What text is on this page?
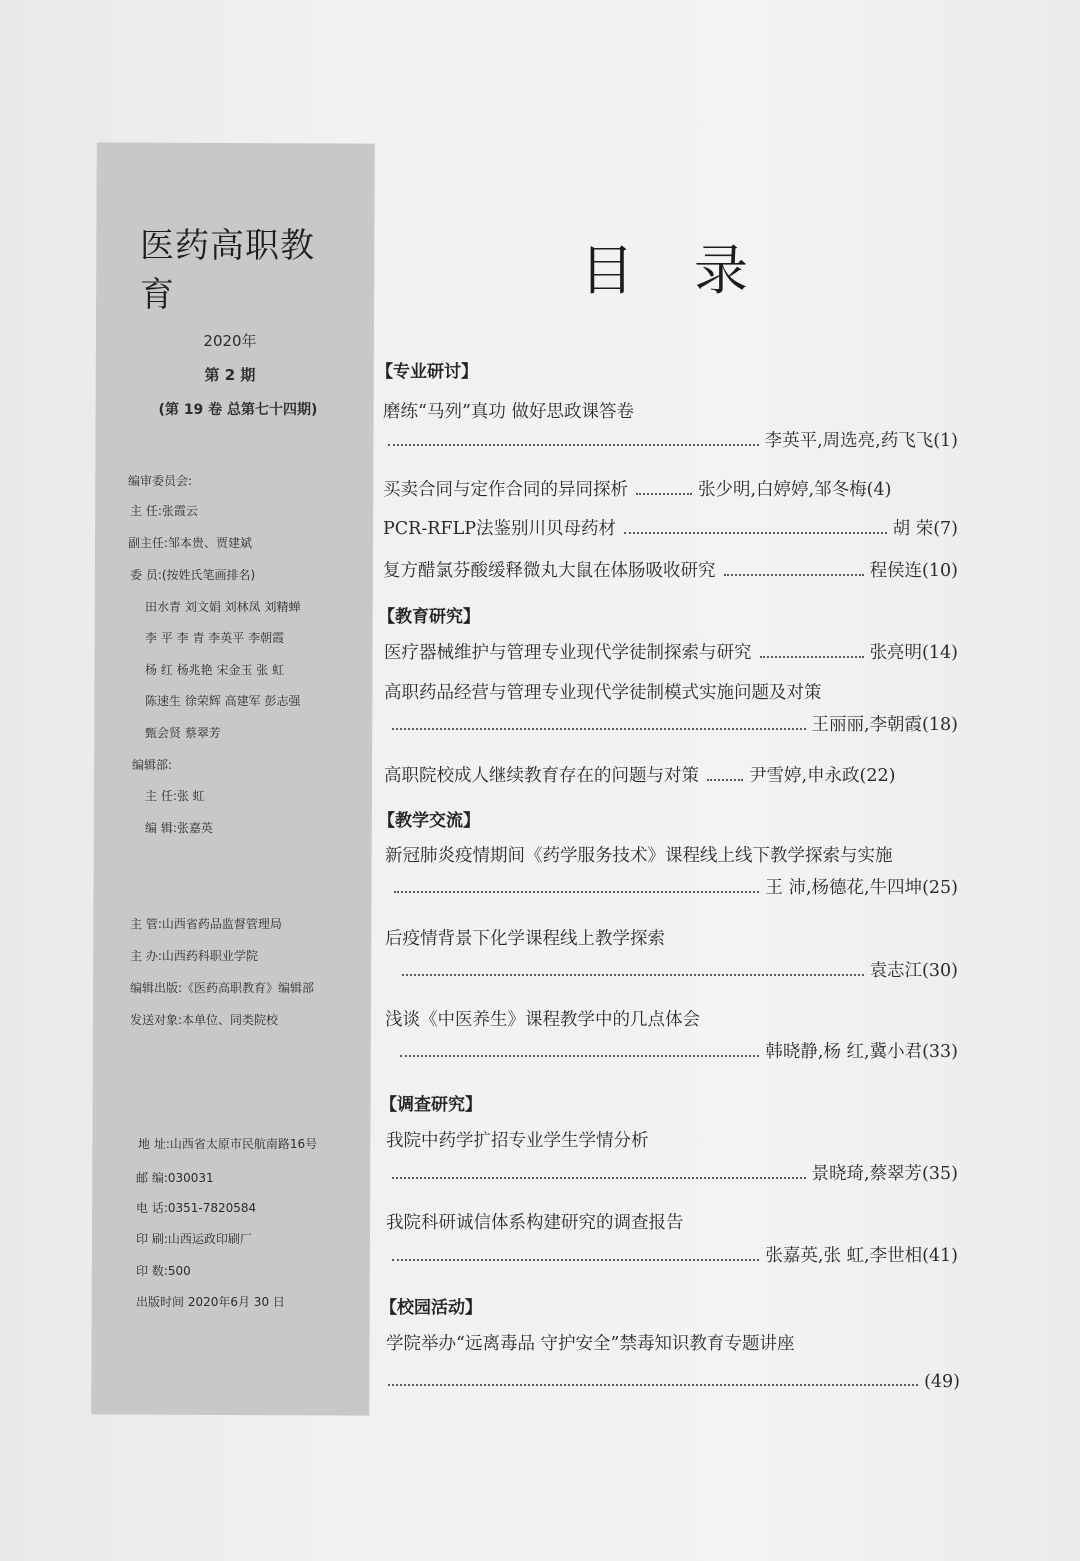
医药高职教育
2020年
第 2 期
(第 19 卷 总第七十四期)
编审委员会:
主 任:张霞云
副主任:邹本贵、贾建斌
委 员:(按姓氏笔画排名)
田水青 刘文娟 刘林凤 刘精蝉
李 平 李 青 李英平 李朝霞
杨 红 杨兆艳 宋金玉 张 虹
陈速生 徐荣辉 高建军 彭志强
甄会贤 蔡翠芳
编辑部:
主 任:张 虹
编 辑:张嘉英
主 管:山西省药品监督管理局
主 办:山西药科职业学院
编辑出版:《医药高职教育》编辑部
发送对象:本单位、同类院校
地 址:山西省太原市民航南路16号
邮 编:030031
电 话:0351-7820584
印 刷:山西运政印刷厂
印 数:500
出版时间 2020年6月 30 日
目录
【专业研讨】
磨练“马列”真功 做好思政课答卷
李英平,周选亮,药飞飞(1)
买卖合同与定作合同的异同探析	张少明,白婷婷,邹冬梅(4)
PCR-RFLP法鉴别川贝母药材	胡 荣(7)
复方醋氯芬酸缓释微丸大鼠在体肠吸收研究	程侯连(10)
【教育研究】
医疗器械维护与管理专业现代学徒制探索与研究	张亮明(14)
高职药品经营与管理专业现代学徒制模式实施问题及对策
王丽丽,李朝霞(18)
高职院校成人继续教育存在的问题与对策	尹雪婷,申永政(22)
【教学交流】
新冠肺炎疫情期间《药学服务技术》课程线上线下教学探索与实施
王 沛,杨德花,牛四坤(25)
后疫情背景下化学课程线上教学探索
袁志江(30)
浅谈《中医养生》课程教学中的几点体会
韩晓静,杨 红,冀小君(33)
【调查研究】
我院中药学扩招专业学生学情分析
景晓琦,蔡翠芳(35)
我院科研诚信体系构建研究的调查报告
张嘉英,张 虹,李世相(41)
【校园活动】
学院举办“远离毒品 守护安全”禁毒知识教育专题讲座
(49)
